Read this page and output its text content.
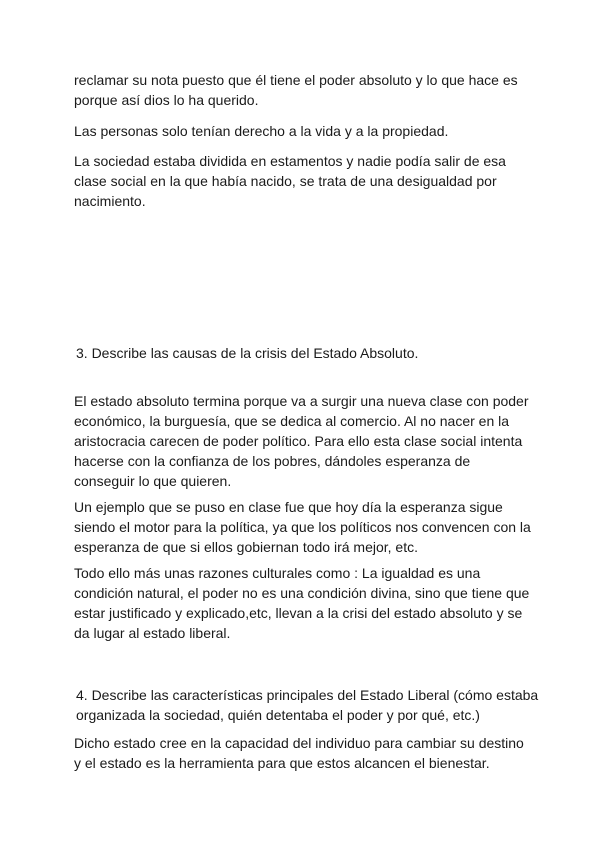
reclamar su nota puesto que él tiene el poder absoluto y lo que hace es porque así dios lo ha querido.

Las personas solo tenían derecho a la vida y a la propiedad.

La sociedad estaba dividida en estamentos y nadie podía salir de esa clase social en la que había nacido, se trata de una desigualdad por nacimiento.

3. Describe las causas de la crisis del Estado Absoluto.

El estado absoluto termina porque va a surgir una nueva clase con poder económico, la burguesía, que se dedica al comercio. Al no nacer en la aristocracia carecen de poder político. Para ello esta clase social intenta hacerse con la confianza de los pobres, dándoles esperanza de conseguir lo que quieren.

Un ejemplo que se puso en clase fue que hoy día la esperanza sigue siendo el motor para la política, ya que los políticos nos convencen con la esperanza de que si ellos gobiernan todo irá mejor, etc.

Todo ello más unas razones culturales como : La igualdad es una condición natural, el poder no es una condición divina, sino que tiene que estar justificado y explicado,etc, llevan a la crisi del estado absoluto y se da lugar al estado liberal.

4. Describe las características principales del Estado Liberal (cómo estaba organizada la sociedad, quién detentaba el poder y por qué, etc.)

Dicho estado cree en la capacidad del individuo para cambiar su destino y el estado es la herramienta para que estos alcancen el bienestar.
